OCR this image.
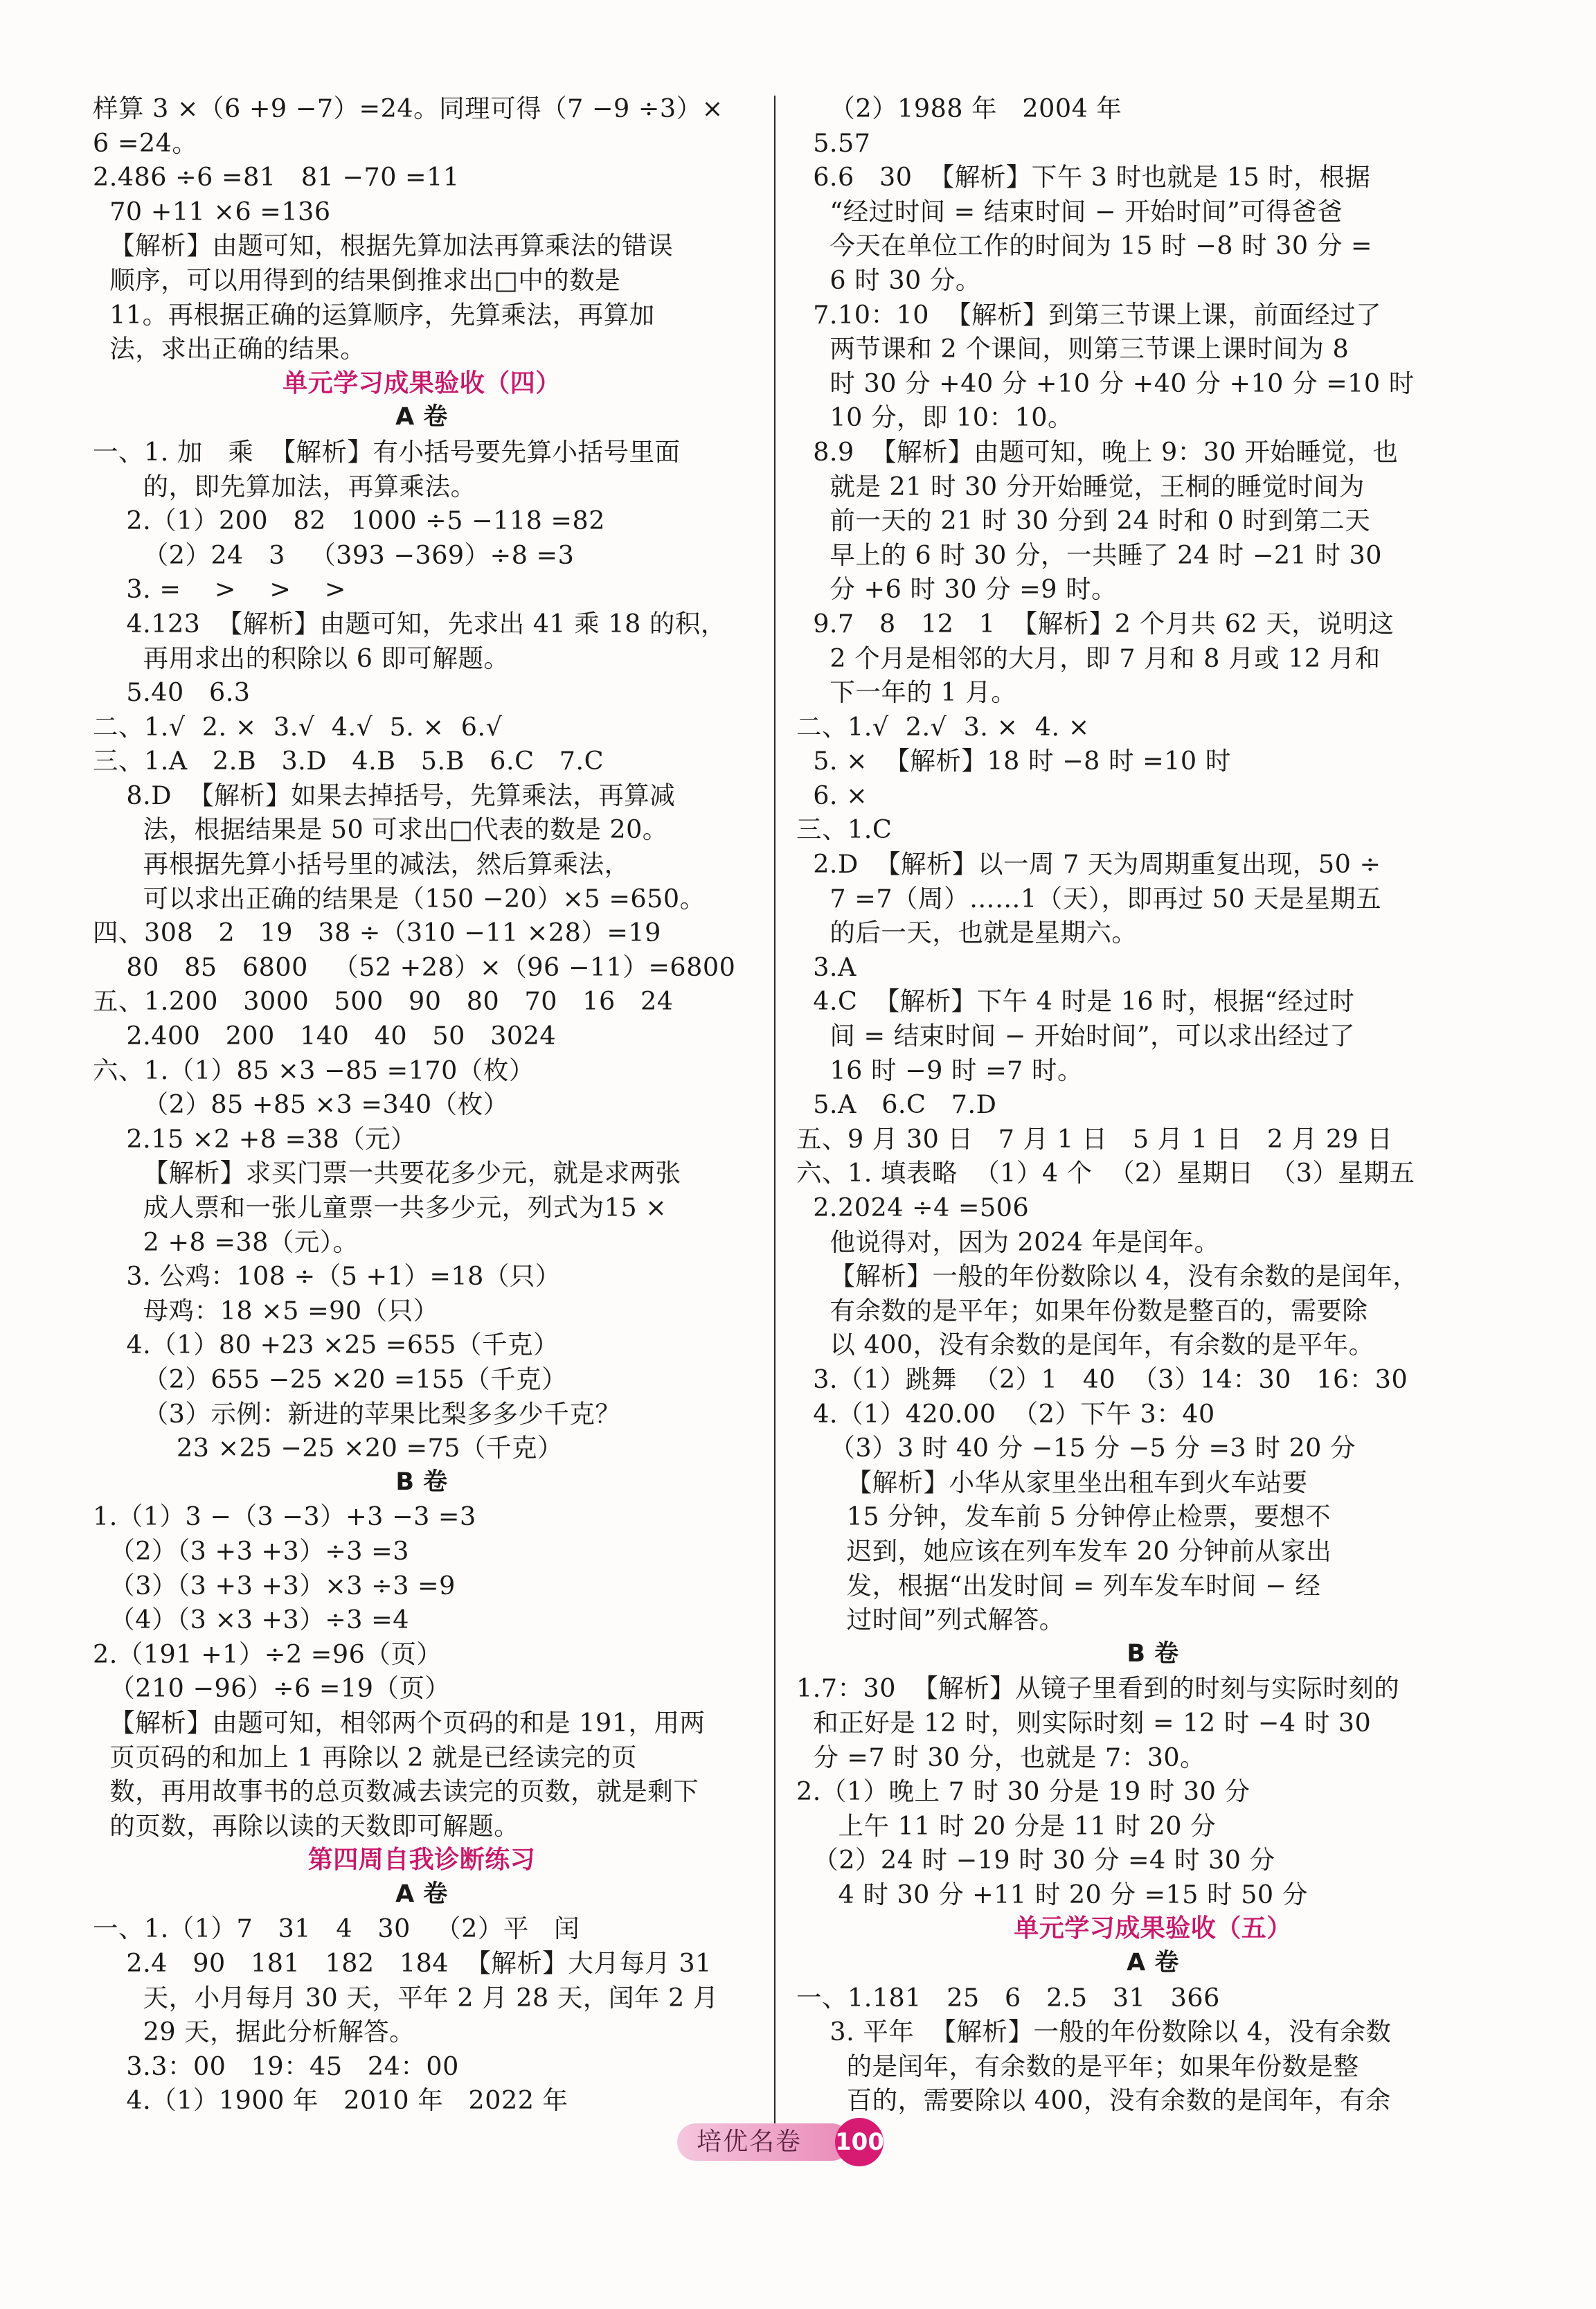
样算 3 ×（6 +9 −7）=24。同理可得（7 −9 ÷3）×
6 =24。
2.486 ÷6 =81   81 −70 =11
70 +11 ×6 =136
【解析】由题可知，根据先算加法再算乘法的错误
顺序，可以用得到的结果倒推求出□中的数是
11。再根据正确的运算顺序，先算乘法，再算加
法，求出正确的结果。
单元学习成果验收（四）
A 卷
一、1. 加   乘  【解析】有小括号要先算小括号里面
的，即先算加法，再算乘法。
2.（1）200   82   1000 ÷5 −118 =82
（2）24   3   （393 −369）÷8 =3
3. =    >    >    >
4.123  【解析】由题可知，先求出 41 乘 18 的积，
再用求出的积除以 6 即可解题。
5.40   6.3
二、1.√  2. ×  3.√  4.√  5. ×  6.√
三、1.A   2.B   3.D   4.B   5.B   6.C   7.C
8.D  【解析】如果去掉括号，先算乘法，再算减
法，根据结果是 50 可求出□代表的数是 20。
再根据先算小括号里的减法，然后算乘法，
可以求出正确的结果是（150 −20）×5 =650。
四、308   2   19   38 ÷（310 −11 ×28）=19
80   85   6800   （52 +28）×（96 −11）=6800
五、1.200   3000   500   90   80   70   16   24
2.400   200   140   40   50   3024
六、1.（1）85 ×3 −85 =170（枚）
（2）85 +85 ×3 =340（枚）
2.15 ×2 +8 =38（元）
【解析】求买门票一共要花多少元，就是求两张
成人票和一张儿童票一共多少元，列式为15 ×
2 +8 =38（元）。
3. 公鸡：108 ÷（5 +1）=18（只）
母鸡：18 ×5 =90（只）
4.（1）80 +23 ×25 =655（千克）
（2）655 −25 ×20 =155（千克）
（3）示例：新进的苹果比梨多多少千克？
23 ×25 −25 ×20 =75（千克）
B 卷
1.（1）3 −（3 −3）+3 −3 =3
（2）（3 +3 +3）÷3 =3
（3）（3 +3 +3）×3 ÷3 =9
（4）（3 ×3 +3）÷3 =4
2.（191 +1）÷2 =96（页）
（210 −96）÷6 =19（页）
【解析】由题可知，相邻两个页码的和是 191，用两
页页码的和加上 1 再除以 2 就是已经读完的页
数，再用故事书的总页数减去读完的页数，就是剩下
的页数，再除以读的天数即可解题。
第四周自我诊断练习
A 卷
一、1.（1）7   31   4   30   （2）平   闰
2.4   90   181   182   184  【解析】大月每月 31
天，小月每月 30 天，平年 2 月 28 天，闰年 2 月
29 天，据此分析解答。
3.3：00   19：45   24：00
4.（1）1900 年   2010 年   2022 年
（2）1988 年   2004 年
5.57
6.6   30  【解析】下午 3 时也就是 15 时，根据
“经过时间 = 结束时间 − 开始时间”可得爸爸
今天在单位工作的时间为 15 时 −8 时 30 分 =
6 时 30 分。
7.10：10  【解析】到第三节课上课，前面经过了
两节课和 2 个课间，则第三节课上课时间为 8
时 30 分 +40 分 +10 分 +40 分 +10 分 =10 时
10 分，即 10：10。
8.9  【解析】由题可知，晚上 9：30 开始睡觉，也
就是 21 时 30 分开始睡觉，王桐的睡觉时间为
前一天的 21 时 30 分到 24 时和 0 时到第二天
早上的 6 时 30 分，一共睡了 24 时 −21 时 30
分 +6 时 30 分 =9 时。
9.7   8   12   1  【解析】2 个月共 62 天，说明这
2 个月是相邻的大月，即 7 月和 8 月或 12 月和
下一年的 1 月。
二、1.√  2.√  3. ×  4. ×
5. ×  【解析】18 时 −8 时 =10 时
6. ×
三、1.C
2.D  【解析】以一周 7 天为周期重复出现，50 ÷
7 =7（周）……1（天），即再过 50 天是星期五
的后一天，也就是星期六。
3.A
4.C  【解析】下午 4 时是 16 时，根据“经过时
间 = 结束时间 − 开始时间”，可以求出经过了
16 时 −9 时 =7 时。
5.A   6.C   7.D
五、9 月 30 日   7 月 1 日   5 月 1 日   2 月 29 日
六、1. 填表略  （1）4 个  （2）星期日  （3）星期五
2.2024 ÷4 =506
他说得对，因为 2024 年是闰年。
【解析】一般的年份数除以 4，没有余数的是闰年，
有余数的是平年；如果年份数是整百的，需要除
以 400，没有余数的是闰年，有余数的是平年。
3.（1）跳舞  （2）1   40  （3）14：30   16：30
4.（1）420.00  （2）下午 3：40
（3）3 时 40 分 −15 分 −5 分 =3 时 20 分
【解析】小华从家里坐出租车到火车站要
15 分钟，发车前 5 分钟停止检票，要想不
迟到，她应该在列车发车 20 分钟前从家出
发，根据“出发时间 = 列车发车时间 − 经
过时间”列式解答。
B 卷
1.7：30  【解析】从镜子里看到的时刻与实际时刻的
和正好是 12 时，则实际时刻 = 12 时 −4 时 30
分 =7 时 30 分，也就是 7：30。
2.（1）晚上 7 时 30 分是 19 时 30 分
上午 11 时 20 分是 11 时 20 分
（2）24 时 −19 时 30 分 =4 时 30 分
4 时 30 分 +11 时 20 分 =15 时 50 分
单元学习成果验收（五）
A 卷
一、1.181   25   6   2.5   31   366
3. 平年  【解析】一般的年份数除以 4，没有余数
的是闰年，有余数的是平年；如果年份数是整
百的，需要除以 400，没有余数的是闰年，有余
培优名卷 100
